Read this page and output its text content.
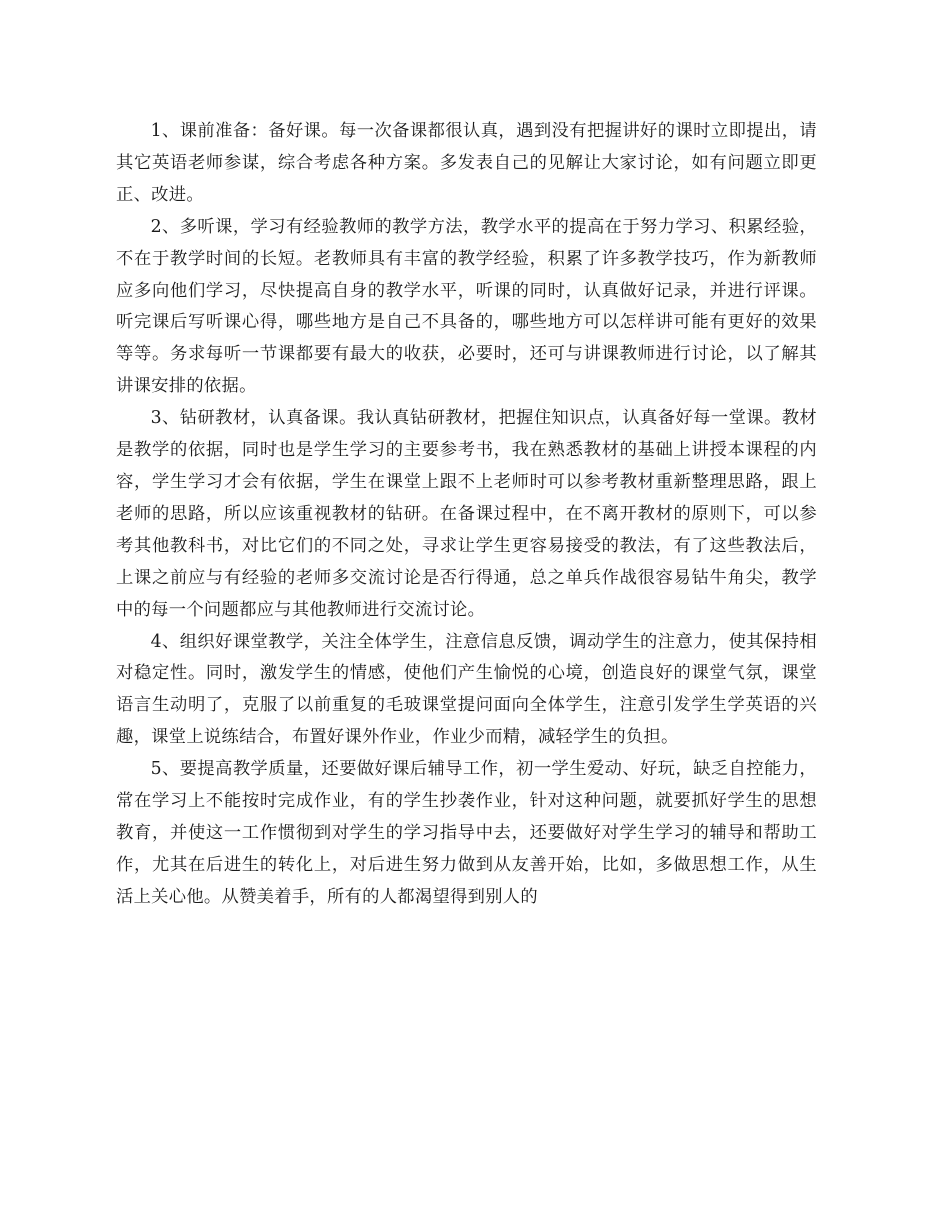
1、课前准备：备好课。每一次备课都很认真，遇到没有把握讲好的课时立即提出，请其它英语老师参谋，综合考虑各种方案。多发表自己的见解让大家讨论，如有问题立即更正、改进。

2、多听课，学习有经验教师的教学方法，教学水平的提高在于努力学习、积累经验，不在于教学时间的长短。老教师具有丰富的教学经验，积累了许多教学技巧，作为新教师应多向他们学习，尽快提高自身的教学水平，听课的同时，认真做好记录，并进行评课。听完课后写听课心得，哪些地方是自己不具备的，哪些地方可以怎样讲可能有更好的效果等等。务求每听一节课都要有最大的收获，必要时，还可与讲课教师进行讨论，以了解其讲课安排的依据。

3、钻研教材，认真备课。我认真钻研教材，把握住知识点，认真备好每一堂课。教材是教学的依据，同时也是学生学习的主要参考书，我在熟悉教材的基础上讲授本课程的内容，学生学习才会有依据，学生在课堂上跟不上老师时可以参考教材重新整理思路，跟上老师的思路，所以应该重视教材的钻研。在备课过程中，在不离开教材的原则下，可以参考其他教科书，对比它们的不同之处，寻求让学生更容易接受的教法，有了这些教法后，上课之前应与有经验的老师多交流讨论是否行得通，总之单兵作战很容易钻牛角尖，教学中的每一个问题都应与其他教师进行交流讨论。

4、组织好课堂教学，关注全体学生，注意信息反馈，调动学生的注意力，使其保持相对稳定性。同时，激发学生的情感，使他们产生愉悦的心境，创造良好的课堂气氛，课堂语言生动明了，克服了以前重复的毛玻课堂提问面向全体学生，注意引发学生学英语的兴趣，课堂上说练结合，布置好课外作业，作业少而精，减轻学生的负担。

5、要提高教学质量，还要做好课后辅导工作，初一学生爱动、好玩，缺乏自控能力，常在学习上不能按时完成作业，有的学生抄袭作业，针对这种问题，就要抓好学生的思想教育，并使这一工作惯彻到对学生的学习指导中去，还要做好对学生学习的辅导和帮助工作，尤其在后进生的转化上，对后进生努力做到从友善开始，比如，多做思想工作，从生活上关心他。从赞美着手，所有的人都渴望得到别人的
